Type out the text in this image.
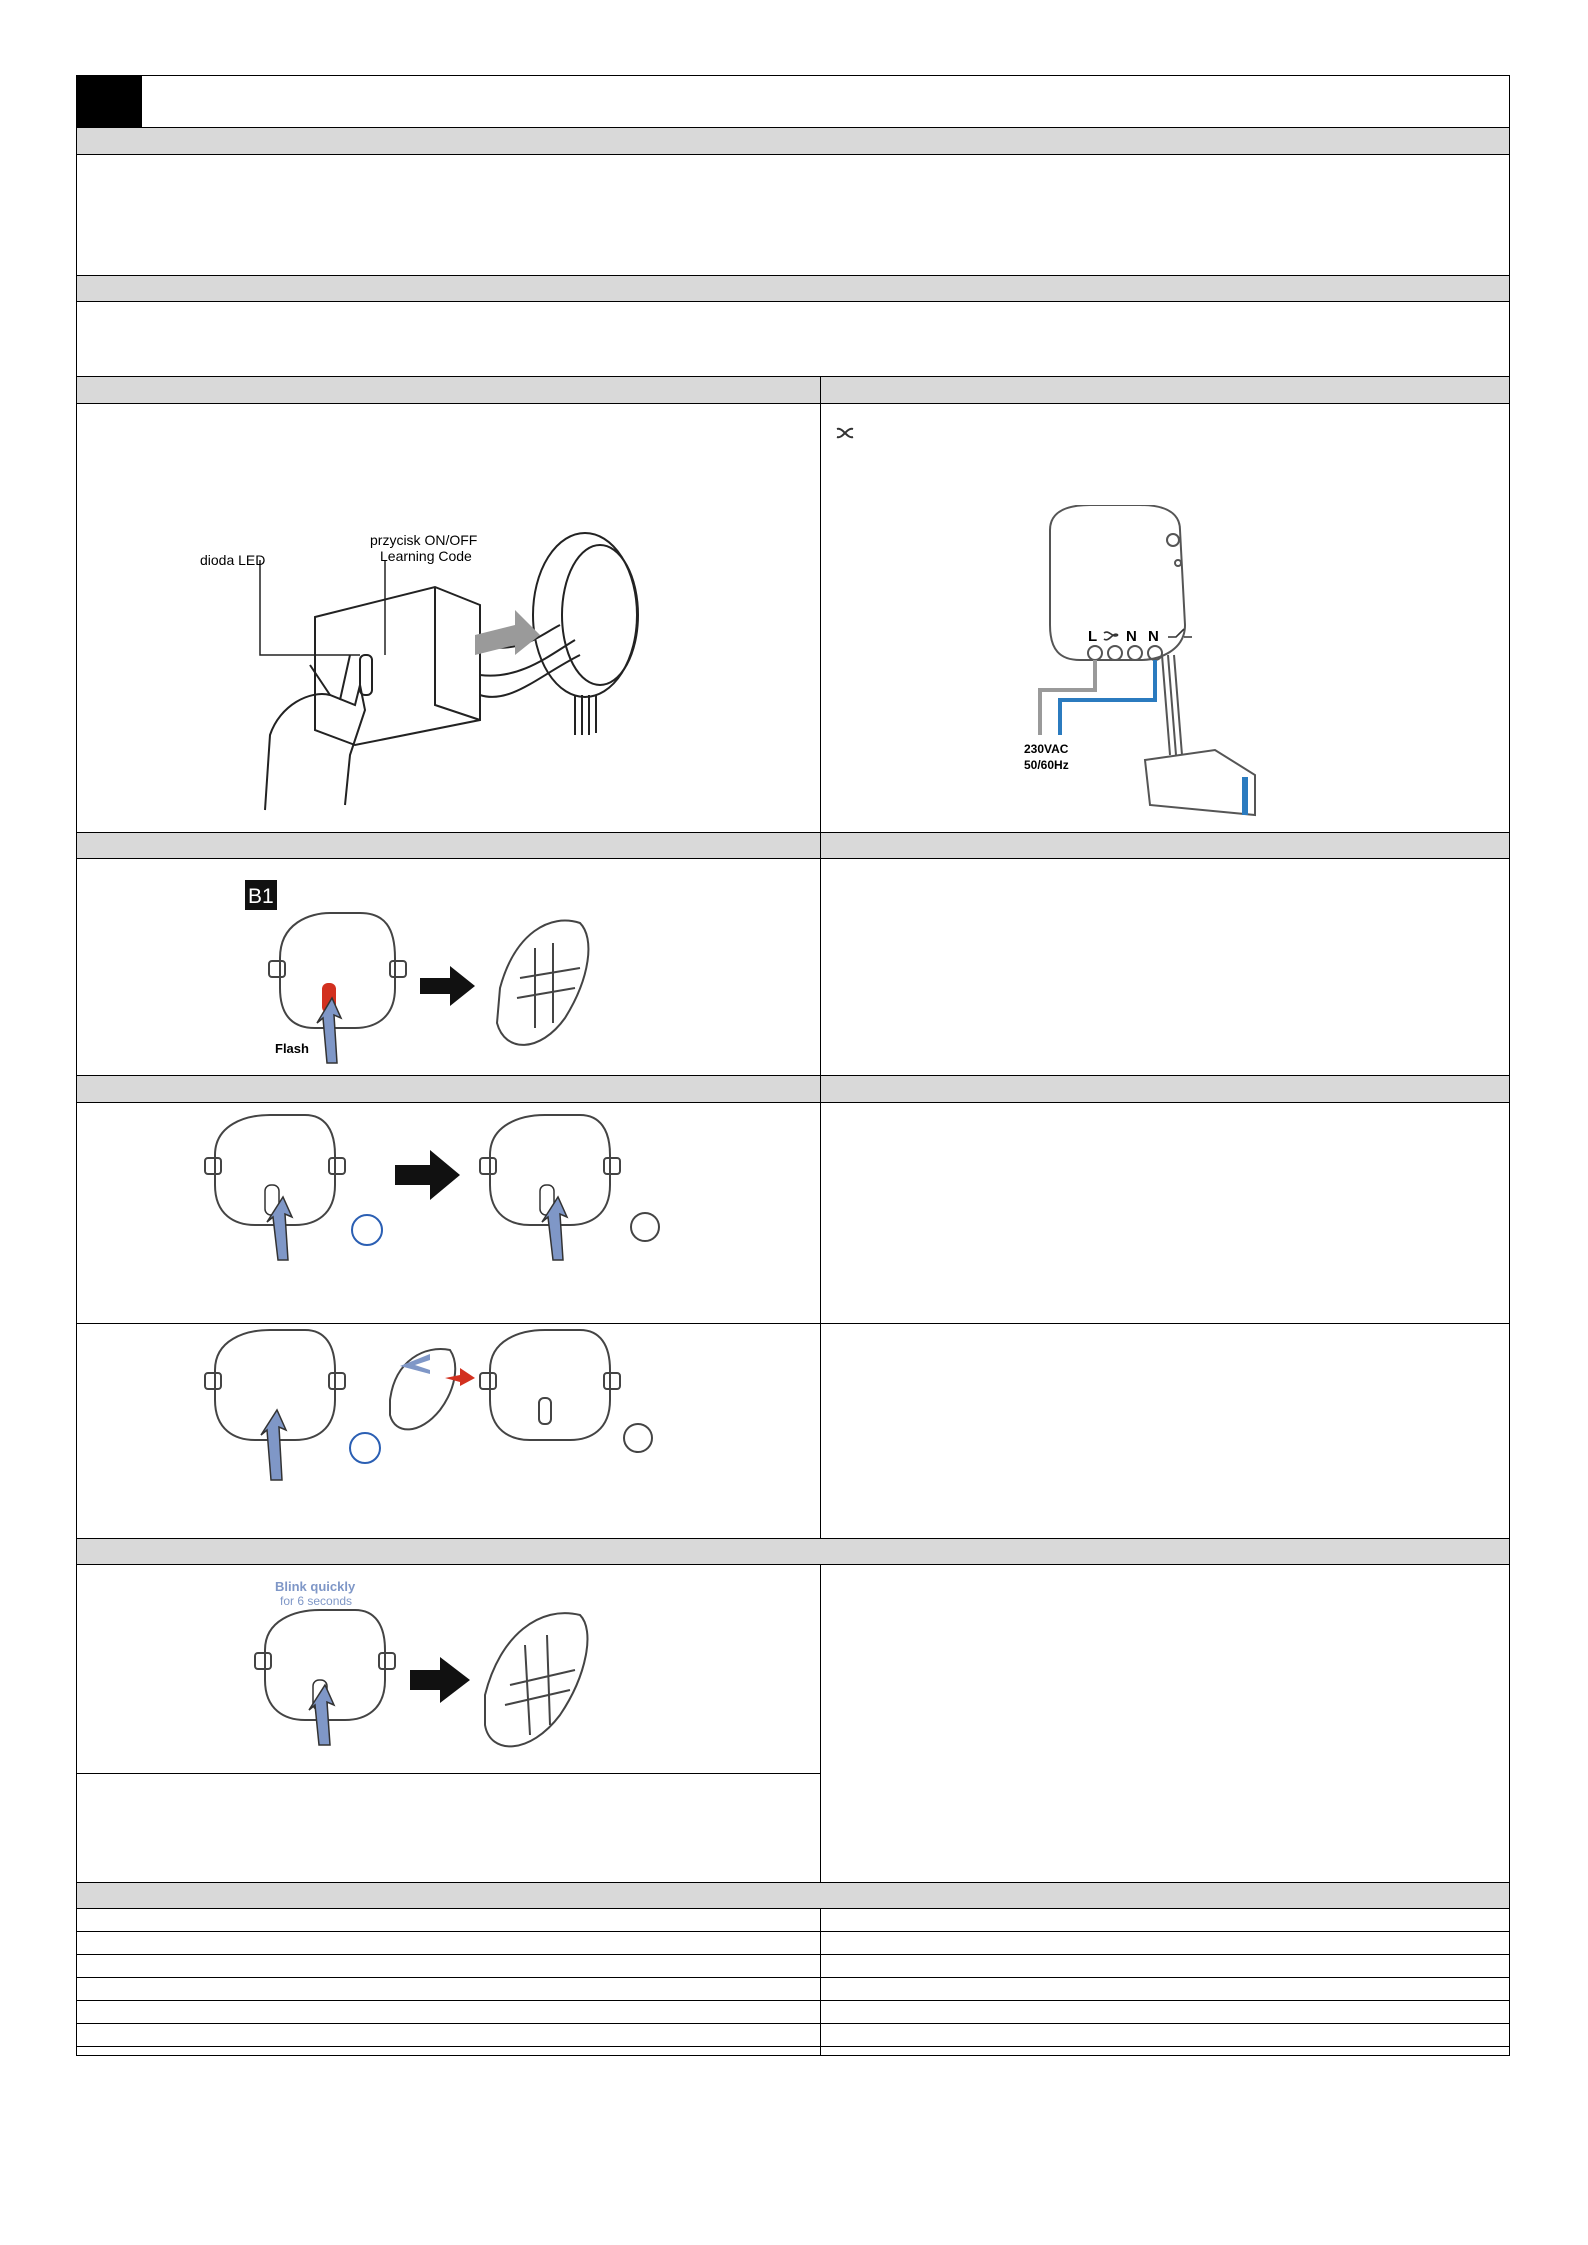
dioda LED
przycisk ON/OFF
Learning Code
L N N
230VAC
50/60Hz
B1
Flash
Blink quickly
for 6 seconds
